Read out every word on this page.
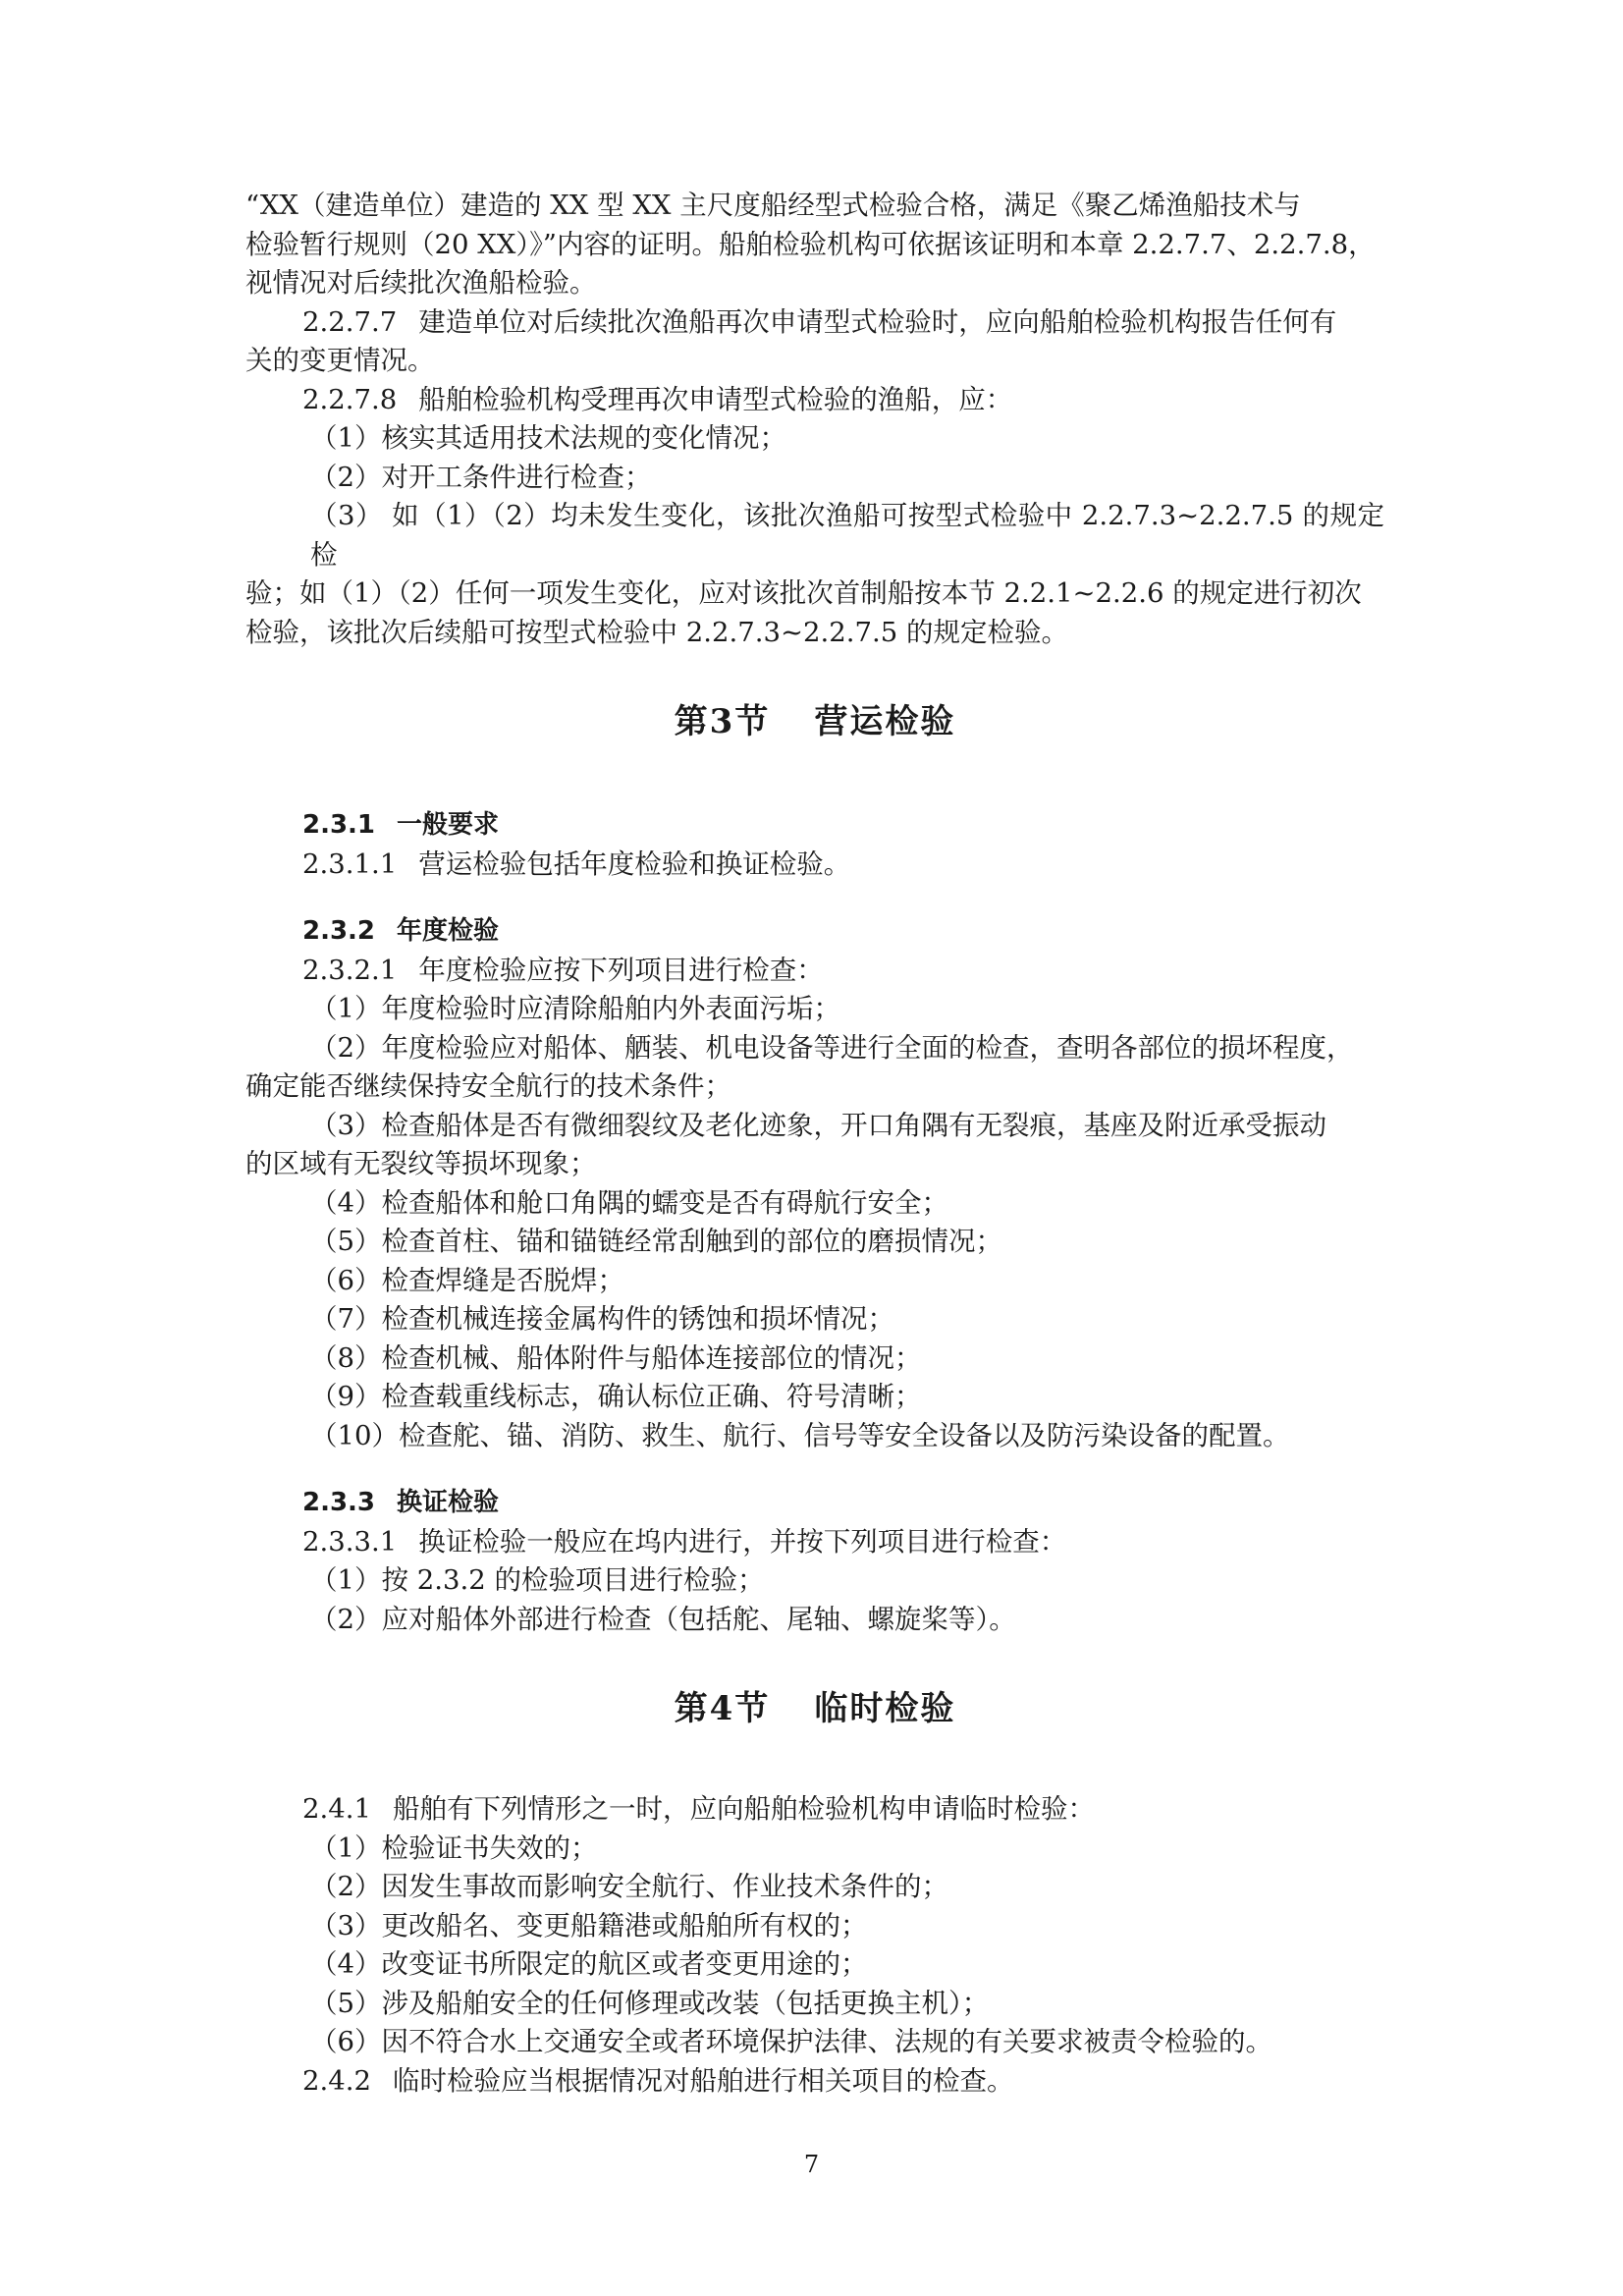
“XX（建造单位）建造的 XX 型 XX 主尺度船经型式检验合格，满足《聚乙烯渔船技术与

检验暂行规则（20 XX）》”内容的证明。船舶检验机构可依据该证明和本章 2.2.7.7、2.2.7.8，

视情况对后续批次渔船检验。

2.2.7.7 建造单位对后续批次渔船再次申请型式检验时，应向船舶检验机构报告任何有

关的变更情况。

2.2.7.8 船舶检验机构受理再次申请型式检验的渔船，应：

（1）核实其适用技术法规的变化情况；

（2）对开工条件进行检查；

（3） 如（1）（2）均未发生变化，该批次渔船可按型式检验中 2.2.7.3~2.2.7.5 的规定检

验；如（1）（2）任何一项发生变化，应对该批次首制船按本节 2.2.1~2.2.6 的规定进行初次

检验，该批次后续船可按型式检验中 2.2.7.3~2.2.7.5 的规定检验。

第3节 营运检验
2.3.1 一般要求

2.3.1.1 营运检验包括年度检验和换证检验。

2.3.2 年度检验

2.3.2.1 年度检验应按下列项目进行检查：

（1）年度检验时应清除船舶内外表面污垢；

（2）年度检验应对船体、舾装、机电设备等进行全面的检查，查明各部位的损坏程度，

确定能否继续保持安全航行的技术条件；

（3）检查船体是否有微细裂纹及老化迹象，开口角隅有无裂痕，基座及附近承受振动

的区域有无裂纹等损坏现象；

（4）检查船体和舱口角隅的蠕变是否有碍航行安全；

（5）检查首柱、锚和锚链经常刮触到的部位的磨损情况；

（6）检查焊缝是否脱焊；

（7）检查机械连接金属构件的锈蚀和损坏情况；

（8）检查机械、船体附件与船体连接部位的情况；

（9）检查载重线标志，确认标位正确、符号清晰；

（10）检查舵、锚、消防、救生、航行、信号等安全设备以及防污染设备的配置。

2.3.3 换证检验

2.3.3.1 换证检验一般应在坞内进行，并按下列项目进行检查：

（1）按 2.3.2 的检验项目进行检验；

（2）应对船体外部进行检查（包括舵、尾轴、螺旋桨等）。

第4节 临时检验

2.4.1 船舶有下列情形之一时，应向船舶检验机构申请临时检验：

（1）检验证书失效的；

（2）因发生事故而影响安全航行、作业技术条件的；

（3）更改船名、变更船籍港或船舶所有权的；

（4）改变证书所限定的航区或者变更用途的；

（5）涉及船舶安全的任何修理或改装（包括更换主机）；

（6）因不符合水上交通安全或者环境保护法律、法规的有关要求被责令检验的。

2.4.2 临时检验应当根据情况对船舶进行相关项目的检查。

7
